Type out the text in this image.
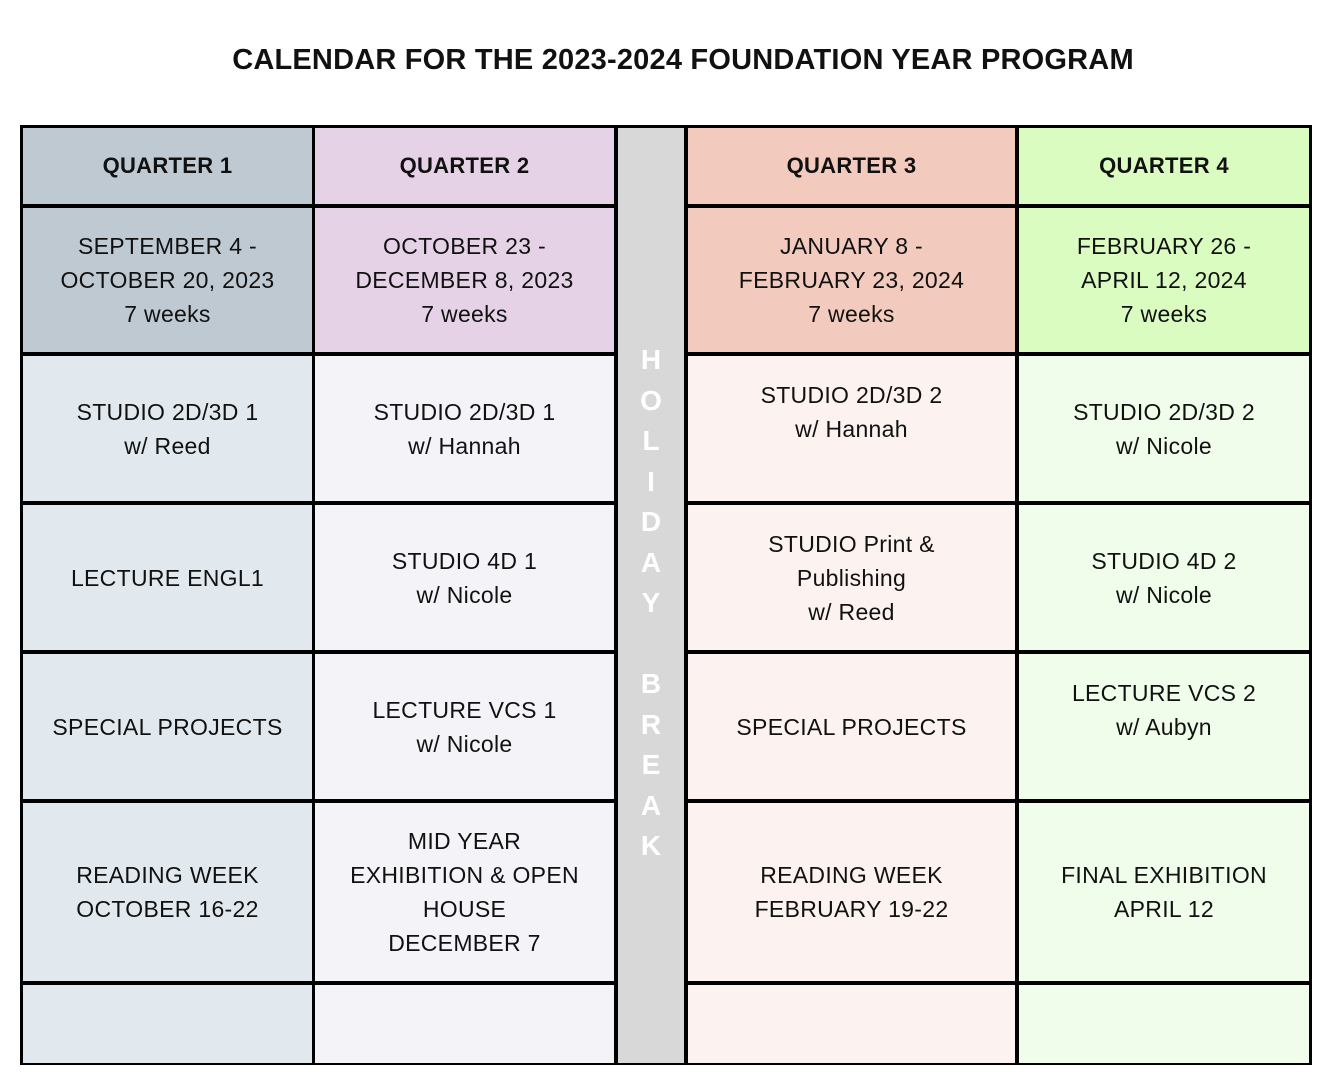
CALENDAR FOR THE 2023-2024 FOUNDATION YEAR PROGRAM
QUARTER 1
SEPTEMBER 4 -
OCTOBER 20, 2023
7 weeks
STUDIO 2D/3D 1
w/ Reed
LECTURE ENGL1
SPECIAL PROJECTS
READING WEEK
OCTOBER 16-22
QUARTER 2
OCTOBER 23 -
DECEMBER 8, 2023
7 weeks
STUDIO 2D/3D 1
w/ Hannah
STUDIO 4D 1
w/ Nicole
LECTURE VCS 1
w/ Nicole
MID YEAR
EXHIBITION & OPEN
HOUSE
DECEMBER 7
H
O
L
I
D
A
Y
B
R
E
A
K
QUARTER 3
JANUARY 8 -
FEBRUARY 23, 2024
7 weeks
STUDIO 2D/3D 2
w/ Hannah
STUDIO Print &
Publishing
w/ Reed
SPECIAL PROJECTS
READING WEEK
FEBRUARY 19-22
QUARTER 4
FEBRUARY 26 -
APRIL 12, 2024
7 weeks
STUDIO 2D/3D 2
w/ Nicole
STUDIO 4D 2
w/ Nicole
LECTURE VCS 2
w/ Aubyn
FINAL EXHIBITION
APRIL 12
